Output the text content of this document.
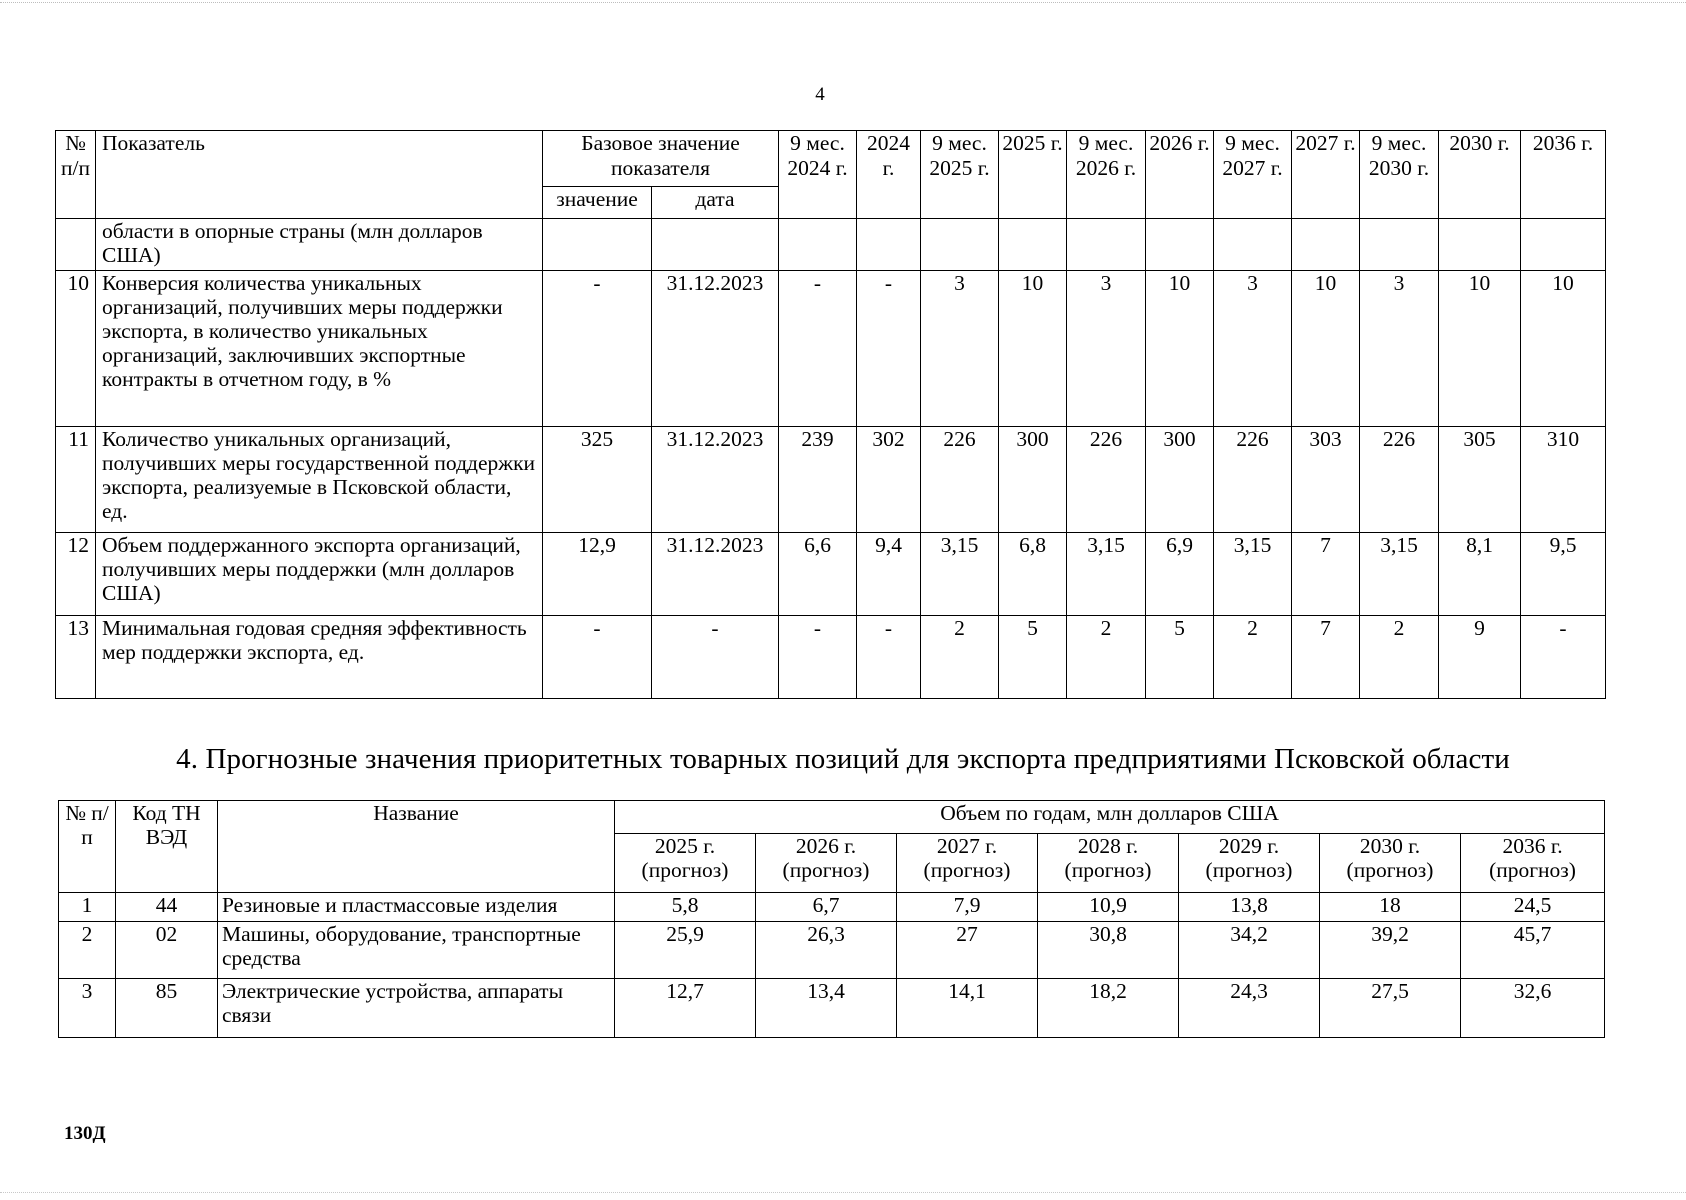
4
№ п/п	Показатель	Базовое значение показателя		9 мес. 2024 г.	2024 г.	9 мес. 2025 г.	2025 г.	9 мес. 2026 г.	2026 г.	9 мес. 2027 г.	2027 г.	9 мес. 2030 г.	2030 г.	2036 г.
		значение	дата											
	области в опорные страны (млн долларов США)													
10	Конверсия количества уникальных организаций, получивших меры поддержки экспорта, в количество уникальных организаций, заключивших экспортные контракты в отчетном году, в %	-	31.12.2023	-	-	3	10	3	10	3	10	3	10	10
11	Количество уникальных организаций, получивших меры государственной поддержки экспорта, реализуемые в Псковской области, ед.	325	31.12.2023	239	302	226	300	226	300	226	303	226	305	310
12	Объем поддержанного экспорта организаций, получивших меры поддержки (млн долларов США)	12,9	31.12.2023	6,6	9,4	3,15	6,8	3,15	6,9	3,15	7	3,15	8,1	9,5
13	Минимальная годовая средняя эффективность мер поддержки экспорта, ед.	-	-	-	-	2	5	2	5	2	7	2	9	-
4. Прогнозные значения приоритетных товарных позиций для экспорта предприятиями Псковской области
№ п/п	Код ТН ВЭД	Название	Объем по годам, млн долларов США						
			2025 г. (прогноз)	2026 г. (прогноз)	2027 г. (прогноз)	2028 г. (прогноз)	2029 г. (прогноз)	2030 г. (прогноз)	2036 г. (прогноз)
1	44	Резиновые и пластмассовые изделия	5,8	6,7	7,9	10,9	13,8	18	24,5
2	02	Машины, оборудование, транспортные средства	25,9	26,3	27	30,8	34,2	39,2	45,7
3	85	Электрические устройства, аппараты связи	12,7	13,4	14,1	18,2	24,3	27,5	32,6
130Д
